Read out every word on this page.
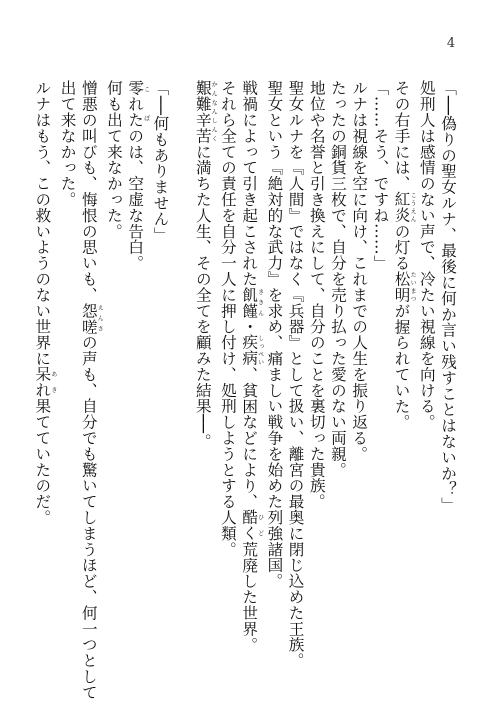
4
「──偽りの聖女ルナ、最後に何か言い残すことはないか？」
処刑人は感情のない声で、冷たい視線を向ける。
その右手には、紅炎こうえんの灯る松明たいまつが握られていた。
「……そう、ですね……」
ルナは視線を空に向け、これまでの人生を振り返る。
たったの銅貨三枚で、自分を売り払った愛のない両親。
地位や名誉と引き換えにして、自分のことを裏切った貴族。
聖女ルナを『人間』ではなく『兵器』として扱い、離宮の最奥に閉じ込めた王族。
聖女という『絶対的な武力』を求め、痛ましい戦争を始めた列強諸国。
戦禍によって引き起こされた飢饉ききん・疾病しっぺい、貧困などにより、酷くひど荒廃した世界。
それら全ての責任を自分一人に押し付け、処刑しようとする人類。
艱難辛苦かんなんしんくに満ちた人生、その全てを顧みた結果──。
「──何もありません」
零れたこぼのは、空虚な告白。
何も出て来なかった。
憎悪の叫びも、悔恨の思いも、怨嗟えんさの声も、自分でも驚いてしまうほど、何一つとして
出て来なかった。
ルナはもう、この救いようのない世界に呆れあき果てていたのだ。
